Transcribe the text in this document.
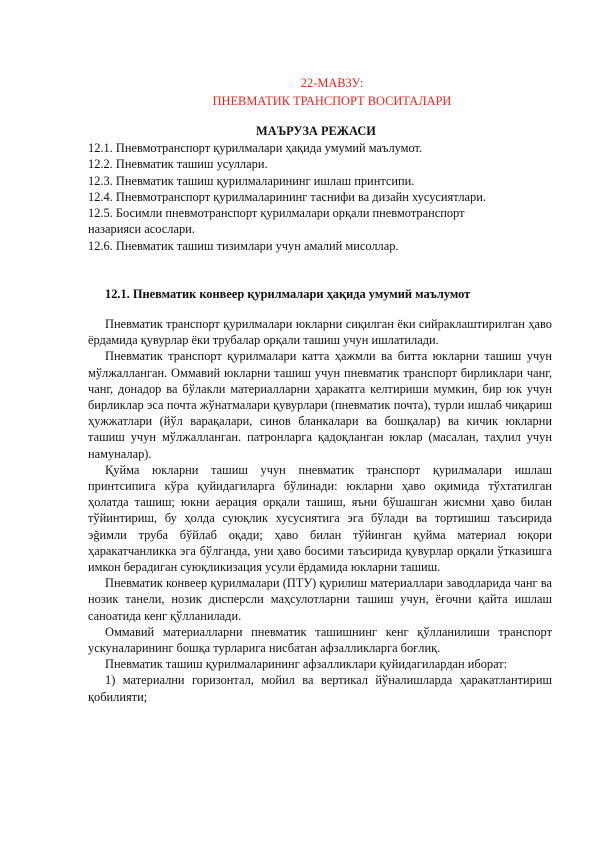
22-МАВЗУ:
ПНЕВМАТИК ТРАНСПОРТ ВОСИТАЛАРИ
МАЪРУЗА РЕЖАСИ
12.1. Пневмотранспорт қурилмалари ҳақида умумий маълумот.
12.2. Пневматик ташиш усуллари.
12.3. Пневматик ташиш қурилмаларининг ишлаш принтсипи.
12.4. Пневмотранспорт қурилмаларининг таснифи ва дизайн хусусиятлари.
12.5. Босимли пневмотранспорт қурилмалари орқали пневмотранспорт
назарияси асослари.
12.6. Пневматик ташиш тизимлари учун амалий мисоллар.
12.1. Пневматик конвеер қурилмалари ҳақида умумий маълумот

Пневматик транспорт қурилмалари юкларни сиқилган ёки сийраклаштирилган ҳаво ёрдамида қувурлар ёки трубалар орқали ташиш учун ишлатилади.

Пневматик транспорт қурилмалари катта ҳажмли ва битта юкларни ташиш учун мўлжалланган. Оммавий юкларни ташиш учун пневматик транспорт бирликлари чанг, чанг, донадор ва бўлакли материалларни ҳаракатга келтириши мумкин, бир юк учун бирликлар эса почта жўнатмалари қувурлари (пневматик почта), турли ишлаб чиқариш ҳужжатлари (йўл варақалари, синов бланкалари ва бошқалар) ва кичик юкларни ташиш учун мўлжалланган. патронларга қадоқланган юклар (масалан, таҳлил учун намуналар).

Қуйма юкларни ташиш учун пневматик транспорт қурилмалари ишлаш принтсипига кўра қуйидагиларга бўлинади: юкларни ҳаво оқимида тўхтатилган ҳолатда ташиш; юкни аерация орқали ташиш, яъни бўшашган жисмни ҳаво билан тўйинтириш, бу ҳолда суюқлик хусусиятига эга бўлади ва тортишиш таъсирида эğимли труба бўйлаб оқади; ҳаво билан тўйинган қуйма материал юқори ҳаракатчанликка эга бўлганда, уни ҳаво босими таъсирида қувурлар орқали ўтказишга имкон берадиган суюқликизация усули ёрдамида юкларни ташиш.

Пневматик конвеер қурилмалари (ПТУ) қурилиш материаллари заводларида чанг ва нозик танели, нозик дисперсли маҳсулотларни ташиш учун, ёғочни қайта ишлаш саноатида кенг қўлланилади.

Оммавий материалларни пневматик ташишнинг кенг қўлланилиши транспорт ускуналарининг бошқа турларига нисбатан афзалликларга боғлиқ.

Пневматик ташиш қурилмаларининг афзалликлари қуйидагилардан иборат:

1) материални горизонтал, мойил ва вертикал йўналишларда ҳаракатлантириш қобилияти;
